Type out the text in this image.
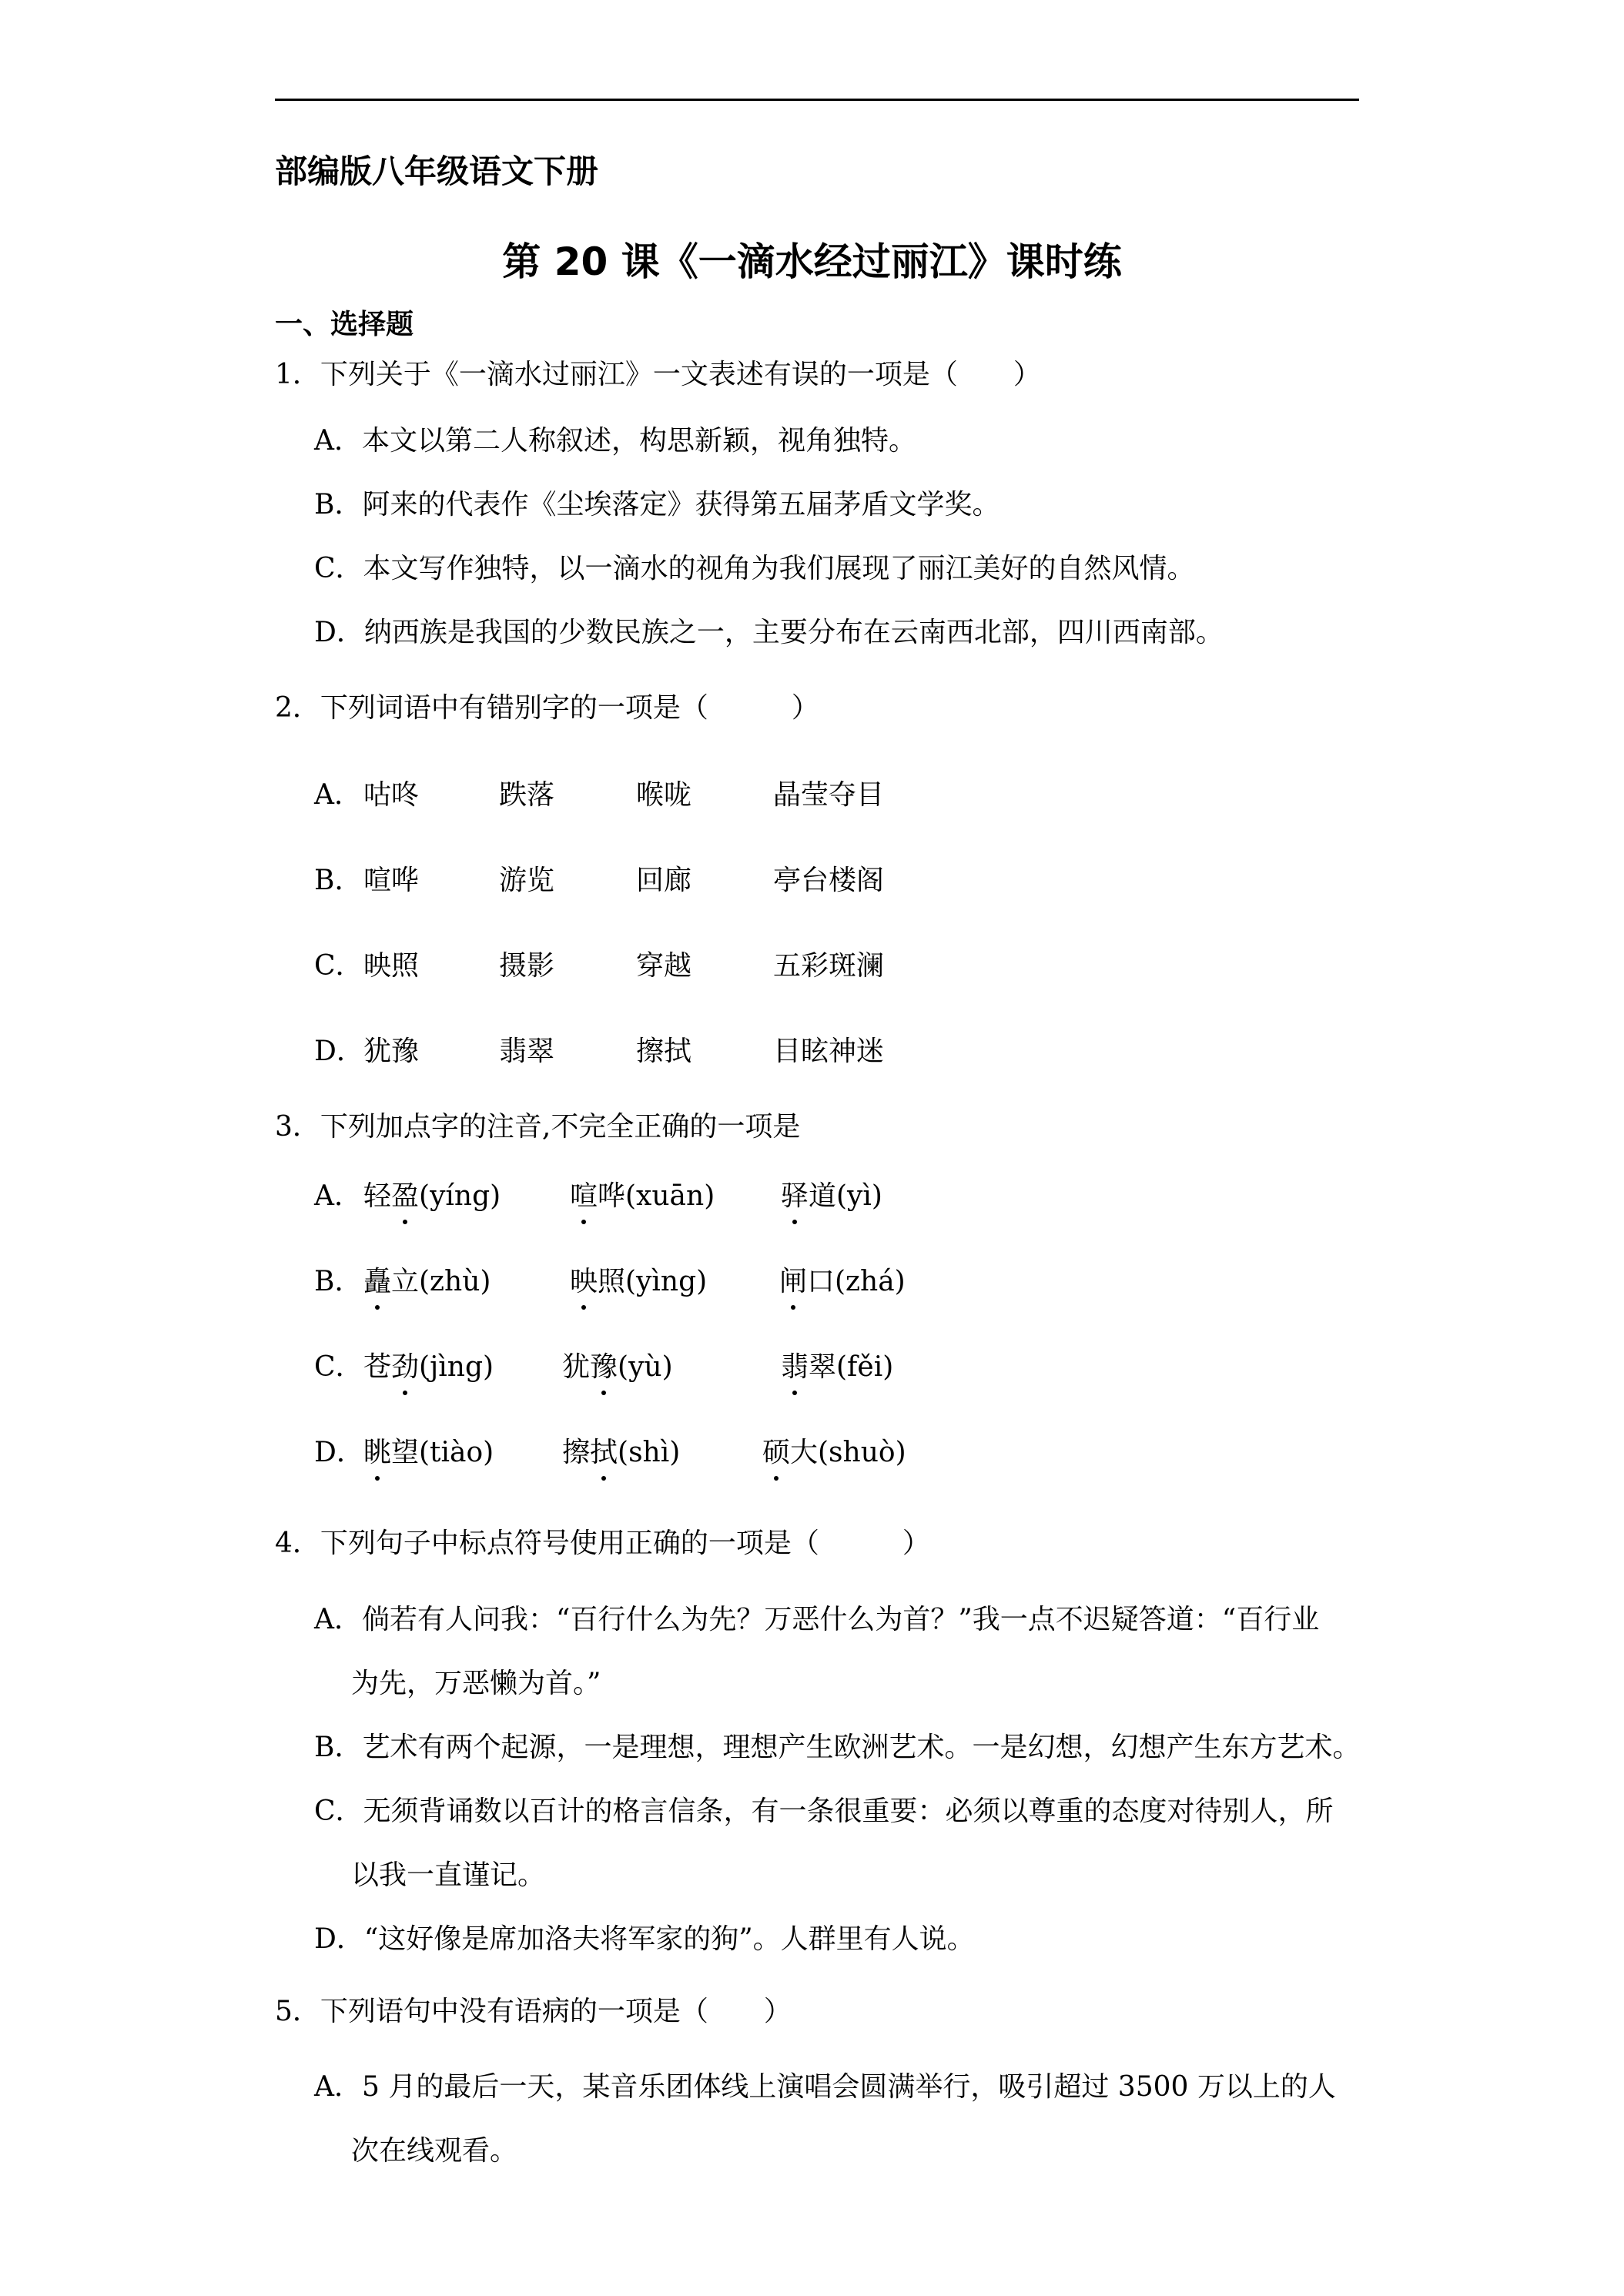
部编版八年级语文下册
第 20 课《一滴水经过丽江》课时练
一、选择题
1．下列关于《一滴水过丽江》一文表述有误的一项是（　　）
A．本文以第二人称叙述，构思新颖，视角独特。
B．阿来的代表作《尘埃落定》获得第五届茅盾文学奖。
C．本文写作独特，以一滴水的视角为我们展现了丽江美好的自然风情。
D．纳西族是我国的少数民族之一，主要分布在云南西北部，四川西南部。
2．下列词语中有错别字的一项是（　　　）
A． 咕咚	跌落	喉咙	晶莹夺目
B． 喧哗	游览	回廊	亭台楼阁
C． 映照	摄影	穿越	五彩斑澜
D． 犹豫	翡翠	擦拭	目眩神迷
3．下列加点字的注音,不完全正确的一项是
A． 轻盈(yíng) 喧哗(xuān) 驿道(yì)
B． 矗立(zhù)	映照(yìng)	闸口(zhá)
C． 苍劲(jìng) 犹豫(yù)	翡翠(fěi)
D． 眺望(tiào) 擦拭(shì)	硕大(shuò)
4．下列句子中标点符号使用正确的一项是（　　　）
A．倘若有人问我：“百行什么为先？万恶什么为首？”我一点不迟疑答道：“百行业
为先，万恶懒为首。”
B．艺术有两个起源，一是理想，理想产生欧洲艺术。一是幻想，幻想产生东方艺术。
C．无须背诵数以百计的格言信条，有一条很重要：必须以尊重的态度对待别人，所
以我一直谨记。
D．“这好像是席加洛夫将军家的狗”。人群里有人说。
5．下列语句中没有语病的一项是（　　）
A．5 月的最后一天，某音乐团体线上演唱会圆满举行，吸引超过 3500 万以上的人
次在线观看。
